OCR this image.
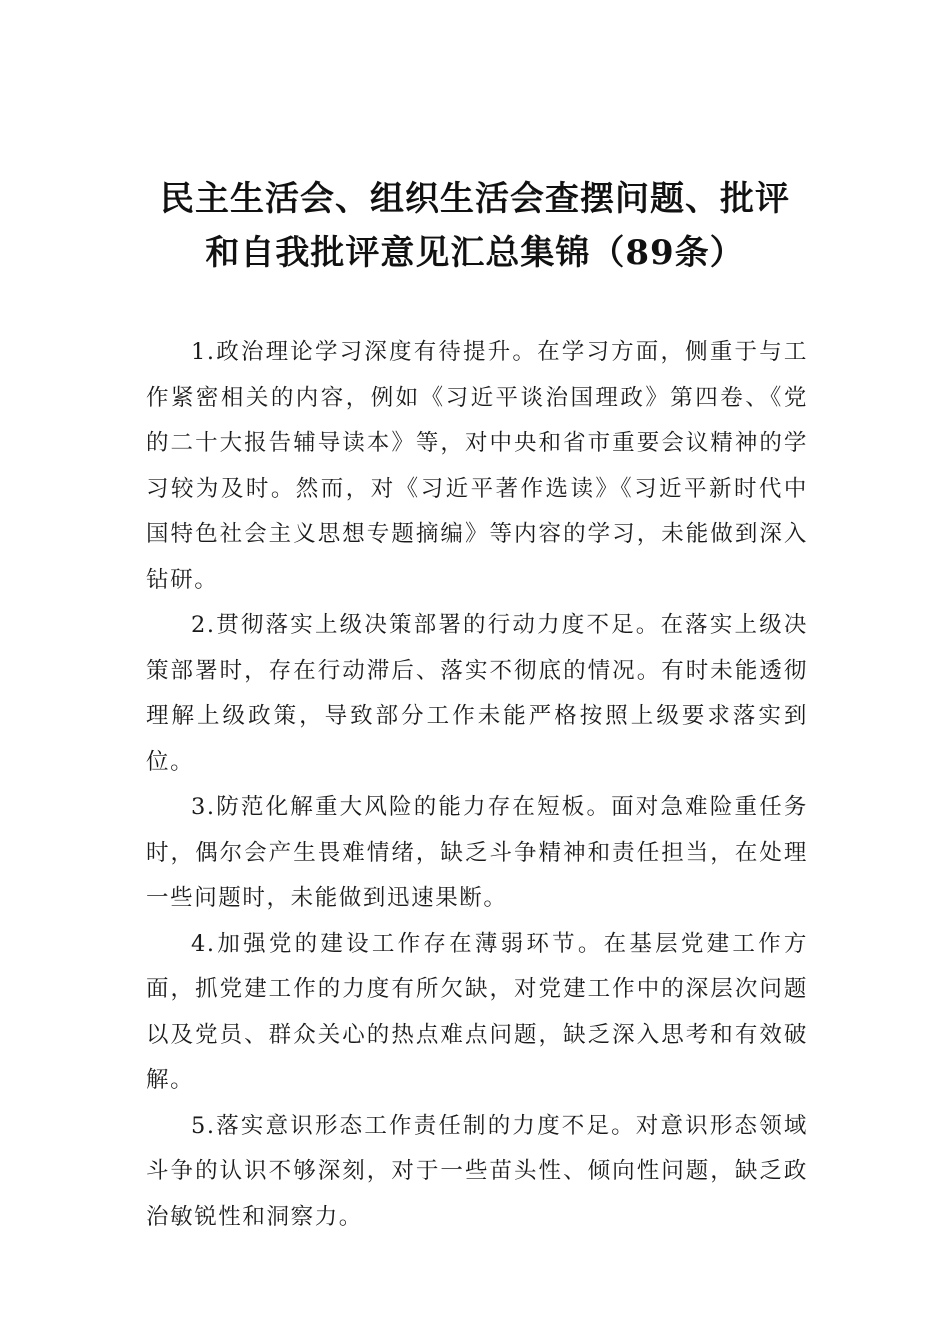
民主生活会、组织生活会查摆问题、批评
和自我批评意见汇总集锦（89条）

1.政治理论学习深度有待提升。在学习方面，侧重于与工作紧密相关的内容，例如《习近平谈治国理政》第四卷、《党的二十大报告辅导读本》等，对中央和省市重要会议精神的学习较为及时。然而，对《习近平著作选读》《习近平新时代中国特色社会主义思想专题摘编》等内容的学习，未能做到深入钻研。

2.贯彻落实上级决策部署的行动力度不足。在落实上级决策部署时，存在行动滞后、落实不彻底的情况。有时未能透彻理解上级政策，导致部分工作未能严格按照上级要求落实到位。

3.防范化解重大风险的能力存在短板。面对急难险重任务时，偶尔会产生畏难情绪，缺乏斗争精神和责任担当，在处理一些问题时，未能做到迅速果断。

4.加强党的建设工作存在薄弱环节。在基层党建工作方面，抓党建工作的力度有所欠缺，对党建工作中的深层次问题以及党员、群众关心的热点难点问题，缺乏深入思考和有效破解。

5.落实意识形态工作责任制的力度不足。对意识形态领域斗争的认识不够深刻，对于一些苗头性、倾向性问题，缺乏政治敏锐性和洞察力。
